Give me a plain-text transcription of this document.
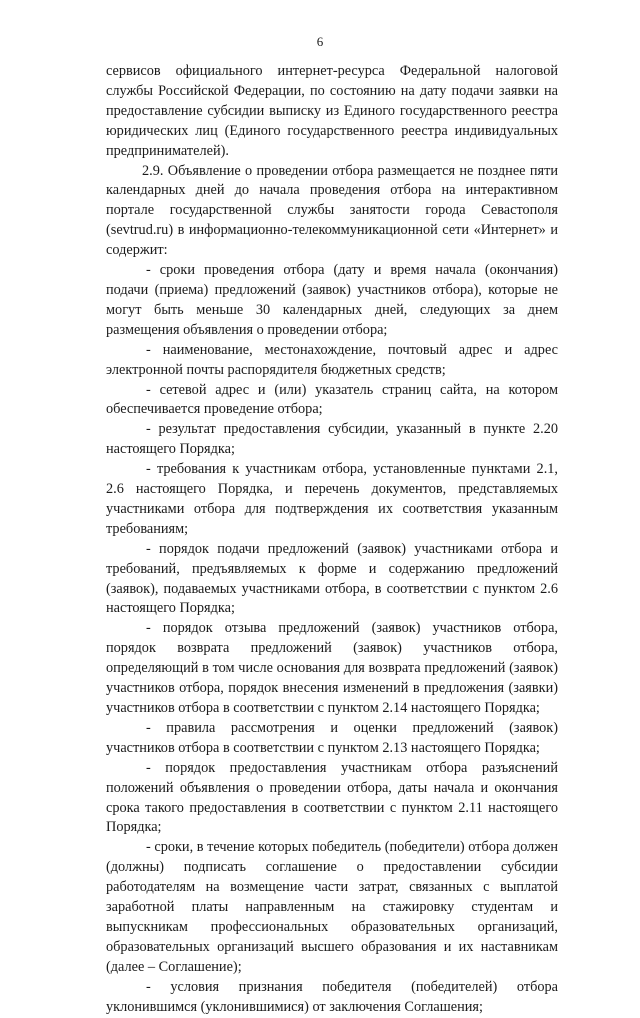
6

сервисов официального интернет-ресурса Федеральной налоговой службы Российской Федерации, по состоянию на дату подачи заявки на предоставление субсидии выписку из Единого государственного реестра юридических лиц (Единого государственного реестра индивидуальных предпринимателей).

2.9. Объявление о проведении отбора размещается не позднее пяти календарных дней до начала проведения отбора на интерактивном портале государственной службы занятости города Севастополя (sevtrud.ru) в информационно-телекоммуникационной сети «Интернет» и содержит:

- сроки проведения отбора (дату и время начала (окончания) подачи (приема) предложений (заявок) участников отбора), которые не могут быть меньше 30 календарных дней, следующих за днем размещения объявления о проведении отбора;

- наименование, местонахождение, почтовый адрес и адрес электронной почты распорядителя бюджетных средств;

- сетевой адрес и (или) указатель страниц сайта, на котором обеспечивается проведение отбора;

- результат предоставления субсидии, указанный в пункте 2.20 настоящего Порядка;

- требования к участникам отбора, установленные пунктами 2.1, 2.6 настоящего Порядка, и перечень документов, представляемых участниками отбора для подтверждения их соответствия указанным требованиям;

- порядок подачи предложений (заявок) участниками отбора и требований, предъявляемых к форме и содержанию предложений (заявок), подаваемых участниками отбора, в соответствии с пунктом 2.6 настоящего Порядка;

- порядок отзыва предложений (заявок) участников отбора, порядок возврата предложений (заявок) участников отбора, определяющий в том числе основания для возврата предложений (заявок) участников отбора, порядок внесения изменений в предложения (заявки) участников отбора в соответствии с пунктом 2.14 настоящего Порядка;

- правила рассмотрения и оценки предложений (заявок) участников отбора в соответствии с пунктом 2.13 настоящего Порядка;

- порядок предоставления участникам отбора разъяснений положений объявления о проведении отбора, даты начала и окончания срока такого предоставления в соответствии с пунктом 2.11 настоящего Порядка;

- сроки, в течение которых победитель (победители) отбора должен (должны) подписать соглашение о предоставлении субсидии работодателям на возмещение части затрат, связанных с выплатой заработной платы направленным на стажировку студентам и выпускникам профессиональных образовательных организаций, образовательных организаций высшего образования и их наставникам (далее – Соглашение);

- условия признания победителя (победителей) отбора уклонившимся (уклонившимися) от заключения Соглашения;
